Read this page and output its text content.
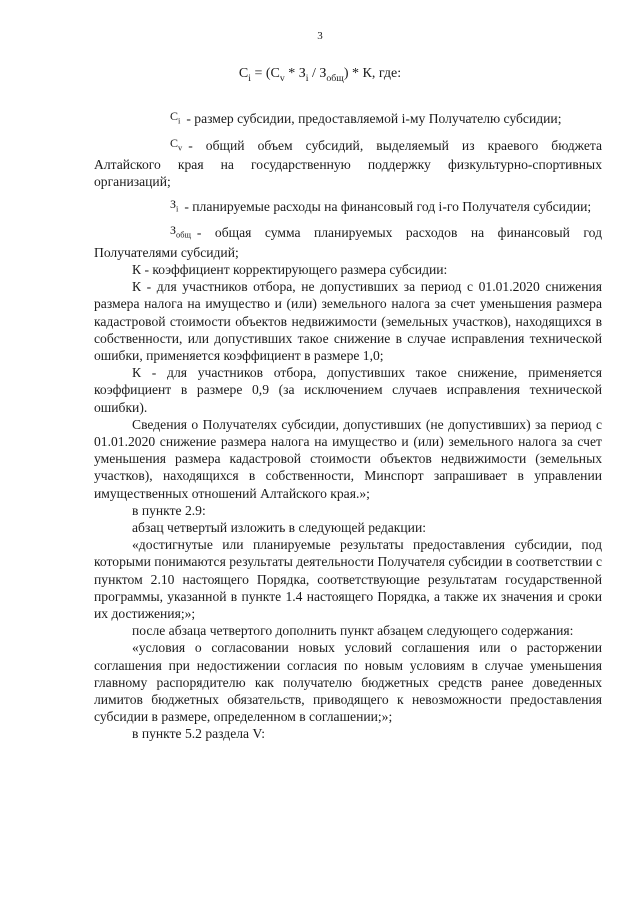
3
$C_i = (C_v * З_i / З_{общ}) * К$, где:

$C_i$ - размер субсидии, предоставляемой i-му Получателю субсидии;

$C_v$ - общий объем субсидий, выделяемый из краевого бюджета Алтайского края на государственную поддержку физкультурно-спортивных организаций;

$З_i$ - планируемые расходы на финансовый год i-го Получателя субсидии;

$З_{общ}$ - общая сумма планируемых расходов на финансовый год Получателями субсидий;

К - коэффициент корректирующего размера субсидии:

К - для участников отбора, не допустивших за период с 01.01.2020 снижения размера налога на имущество и (или) земельного налога за счет уменьшения размера кадастровой стоимости объектов недвижимости (земельных участков), находящихся в собственности, или допустивших такое снижение в случае исправления технической ошибки, применяется коэффициент в размере 1,0;

К - для участников отбора, допустивших такое снижение, применяется коэффициент в размере 0,9 (за исключением случаев исправления технической ошибки).

Сведения о Получателях субсидии, допустивших (не допустивших) за период с 01.01.2020 снижение размера налога на имущество и (или) земельного налога за счет уменьшения размера кадастровой стоимости объектов недвижимости (земельных участков), находящихся в собственности, Минспорт запрашивает в управлении имущественных отношений Алтайского края.»;

в пункте 2.9:

абзац четвертый изложить в следующей редакции:

«достигнутые или планируемые результаты предоставления субсидии, под которыми понимаются результаты деятельности Получателя субсидии в соответствии с пунктом 2.10 настоящего Порядка, соответствующие результатам государственной программы, указанной в пункте 1.4 настоящего Порядка, а также их значения и сроки их достижения;»;

после абзаца четвертого дополнить пункт абзацем следующего содержания:

«условия о согласовании новых условий соглашения или о расторжении соглашения при недостижении согласия по новым условиям в случае уменьшения главному распорядителю как получателю бюджетных средств ранее доведенных лимитов бюджетных обязательств, приводящего к невозможности предоставления субсидии в размере, определенном в соглашении;»;

в пункте 5.2 раздела V:
